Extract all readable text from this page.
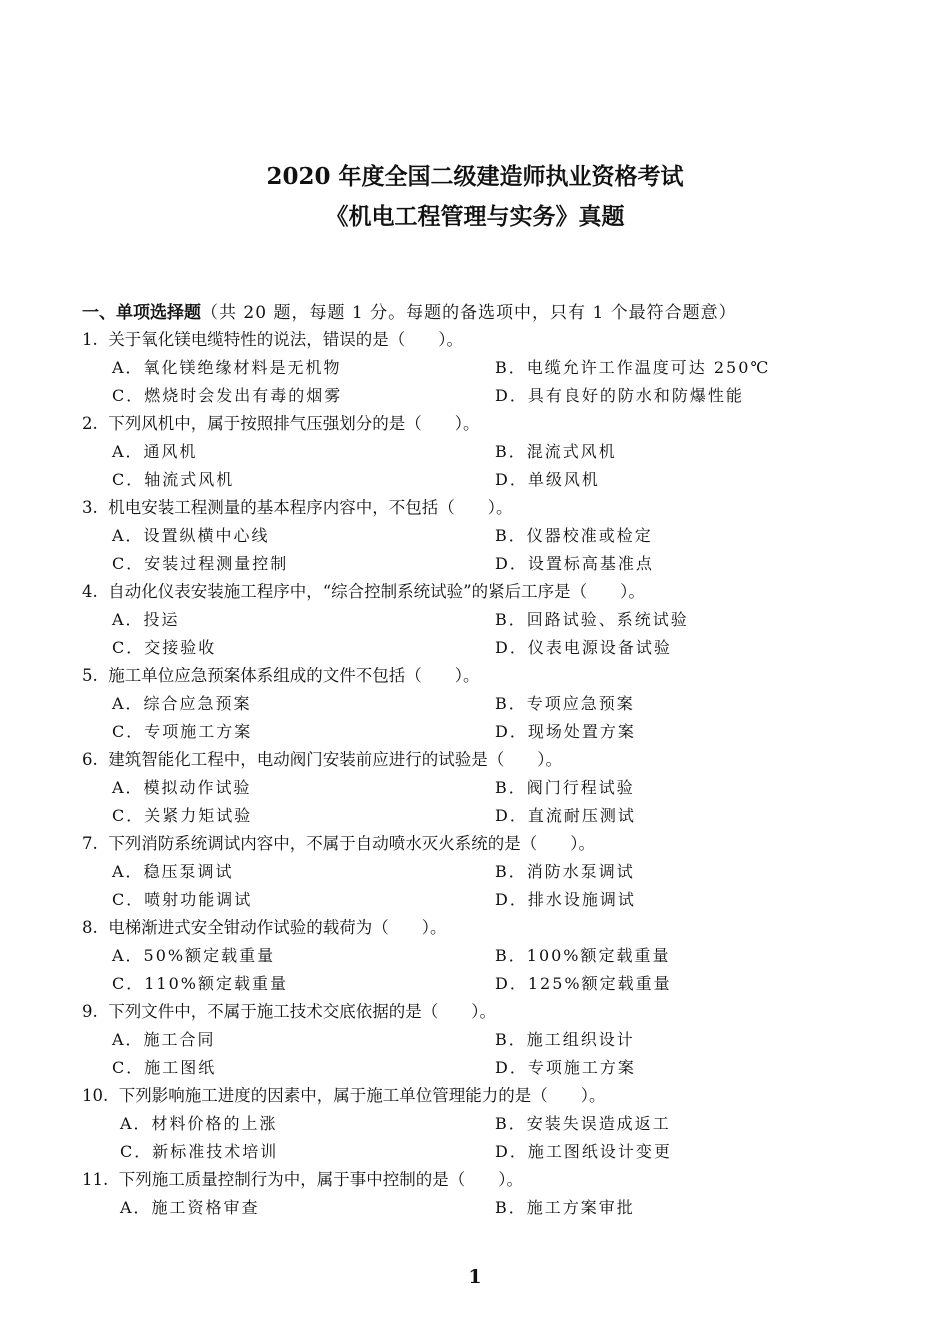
2020 年度全国二级建造师执业资格考试
《机电工程管理与实务》真题
一、单项选择题（共 20 题，每题 1 分。每题的备选项中，只有 1 个最符合题意）
1. 关于氧化镁电缆特性的说法，错误的是（　　）。
A．氧化镁绝缘材料是无机物	B．电缆允许工作温度可达 250℃
C．燃烧时会发出有毒的烟雾	D．具有良好的防水和防爆性能
2. 下列风机中，属于按照排气压强划分的是（　　）。
A．通风机	B．混流式风机
C．轴流式风机	D．单级风机
3. 机电安装工程测量的基本程序内容中，不包括（　　）。
A．设置纵横中心线	B．仪器校准或检定
C．安装过程测量控制	D．设置标高基准点
4. 自动化仪表安装施工程序中，“综合控制系统试验”的紧后工序是（　　）。
A．投运	B．回路试验、系统试验
C．交接验收	D．仪表电源设备试验
5. 施工单位应急预案体系组成的文件不包括（　　）。
A．综合应急预案	B．专项应急预案
C．专项施工方案	D．现场处置方案
6. 建筑智能化工程中，电动阀门安装前应进行的试验是（　　）。
A．模拟动作试验	B．阀门行程试验
C．关紧力矩试验	D．直流耐压测试
7. 下列消防系统调试内容中，不属于自动喷水灭火系统的是（　　）。
A．稳压泵调试	B．消防水泵调试
C．喷射功能调试	D．排水设施调试
8. 电梯渐进式安全钳动作试验的载荷为（　　）。
A．50%额定载重量	B．100%额定载重量
C．110%额定载重量	D．125%额定载重量
9. 下列文件中，不属于施工技术交底依据的是（　　）。
A．施工合同	B．施工组织设计
C．施工图纸	D．专项施工方案
10. 下列影响施工进度的因素中，属于施工单位管理能力的是（　　）。
A．材料价格的上涨	B．安装失误造成返工
C．新标准技术培训	D．施工图纸设计变更
11. 下列施工质量控制行为中，属于事中控制的是（　　）。
A．施工资格审查	B．施工方案审批
1
